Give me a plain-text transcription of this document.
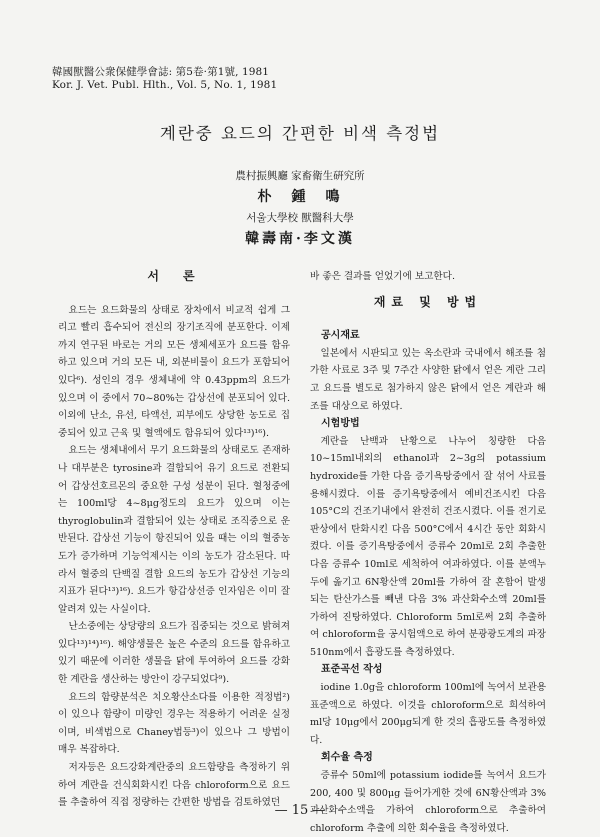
韓國獸醫公衆保健學會誌: 第5卷·第1號, 1981
Kor. J. Vet. Publ. Hlth., Vol. 5, No. 1, 1981
계란중 요드의 간편한 비색 측정법
農村振興廳 家畜衛生硏究所
朴　鍾　鳴
서울大學校 獸醫科大學
韓壽南·李文漢
서　론

요드는 요드화물의 상태로 장차에서 비교적 쉽게 그리고 빨리 흡수되어 전신의 장기조직에 분포한다. 이제까지 연구된 바로는 거의 모든 생체세포가 요드를 함유하고 있으며 거의 모든 내, 외분비물이 요드가 포함되어 있다⁶). 성인의 경우 생체내에 약 0.43ppm의 요드가 있으며 이 중에서 70~80%는 갑상선에 분포되어 있다. 이외에 난소, 유선, 타액선, 피부에도 상당한 농도로 집중되어 있고 근육 및 혈액에도 함유되어 있다¹³)¹⁶).

요드는 생체내에서 무기 요드화물의 상태로도 존재하나 대부분은 tyrosine과 결합되어 유기 요드로 전환되어 갑상선호르몬의 중요한 구성 성분이 된다. 혈청중에는 100ml당 4~8μg정도의 요드가 있으며 이는 thyroglobulin과 결합되어 있는 상태로 조직중으로 운반된다. 갑상선 기능이 항진되어 있을 때는 이의 혈중농도가 증가하며 기능억제시는 이의 농도가 감소된다. 따라서 혈중의 단백질 결합 요드의 농도가 갑상선 기능의 지표가 된다¹³)¹⁶). 요드가 항갑상선증 인자임은 이미 잘 알려져 있는 사실이다.

난소중에는 상당량의 요드가 집중되는 것으로 밝혀져 있다¹³)¹⁴)¹⁶). 해양생물은 높은 수준의 요드를 함유하고 있기 때문에 이러한 생물을 닭에 투여하여 요드를 강화한 계란을 생산하는 방안이 강구되었다⁹).

요드의 함량분석은 치오황산소다를 이용한 적정법²)이 있으나 함량이 미량인 경우는 적용하기 어려운 실정이며, 비색법으로 Chaney법등³)이 있으나 그 방법이 매우 복잡하다.

저자등은 요드강화계란중의 요드함량을 측정하기 위하여 계란을 건식회화시킨 다음 chloroform으로 요드를 추출하여 직접 정량하는 간편한 방법을 검토하였던

바 좋은 결과를 얻었기에 보고한다.

재료 및 방법

공시재료

일본에서 시판되고 있는 옥소란과 국내에서 해조를 첨가한 사료로 3주 및 7주간 사양한 닭에서 얻은 계란 그리고 요드를 별도로 첨가하지 않은 닭에서 얻은 계란과 해조를 대상으로 하였다.

시험방법

계란을 난백과 난황으로 나누어 칭량한 다음 10~15ml내외의 ethanol과 2~3g의 potassium hydroxide를 가한 다음 증기욕탕중에서 잘 섞어 사료를 용해시켰다. 이를 증기욕탕중에서 예비건조시킨 다음 105°C의 건조기내에서 완전히 건조시켰다. 이를 전기로판상에서 탄화시킨 다음 500°C에서 4시간 동안 회화시켰다. 이를 증기욕탕중에서 증류수 20ml로 2회 추출한 다음 증류수 10ml로 세척하여 여과하였다. 이를 분액누두에 옮기고 6N황산액 20ml를 가하여 잘 혼합어 발생되는 탄산가스를 빼낸 다음 3% 과산화수소액 20ml를 가하여 진탕하였다. Chloroform 5ml로써 2회 추출하여 chloroform을 공시험액으로 하여 분광광도계의 파장 510nm에서 흡광도를 측정하였다.

표준곡선 작성

iodine 1.0g을 chloroform 100ml에 녹여서 보관용표준액으로 하였다. 이것을 chloroform으로 희석하여 ml당 10μg에서 200μg되게 한 것의 흡광도를 측정하였다.

회수율 측정

증류수 50ml에 potassium iodide를 녹여서 요드가 200, 400 및 800μg 들어가게한 것에 6N황산액과 3%과산화수소액을 가하여 chloroform으로 추출하여 chloroform 추출에 의한 회수율을 측정하였다.

— 15 —
